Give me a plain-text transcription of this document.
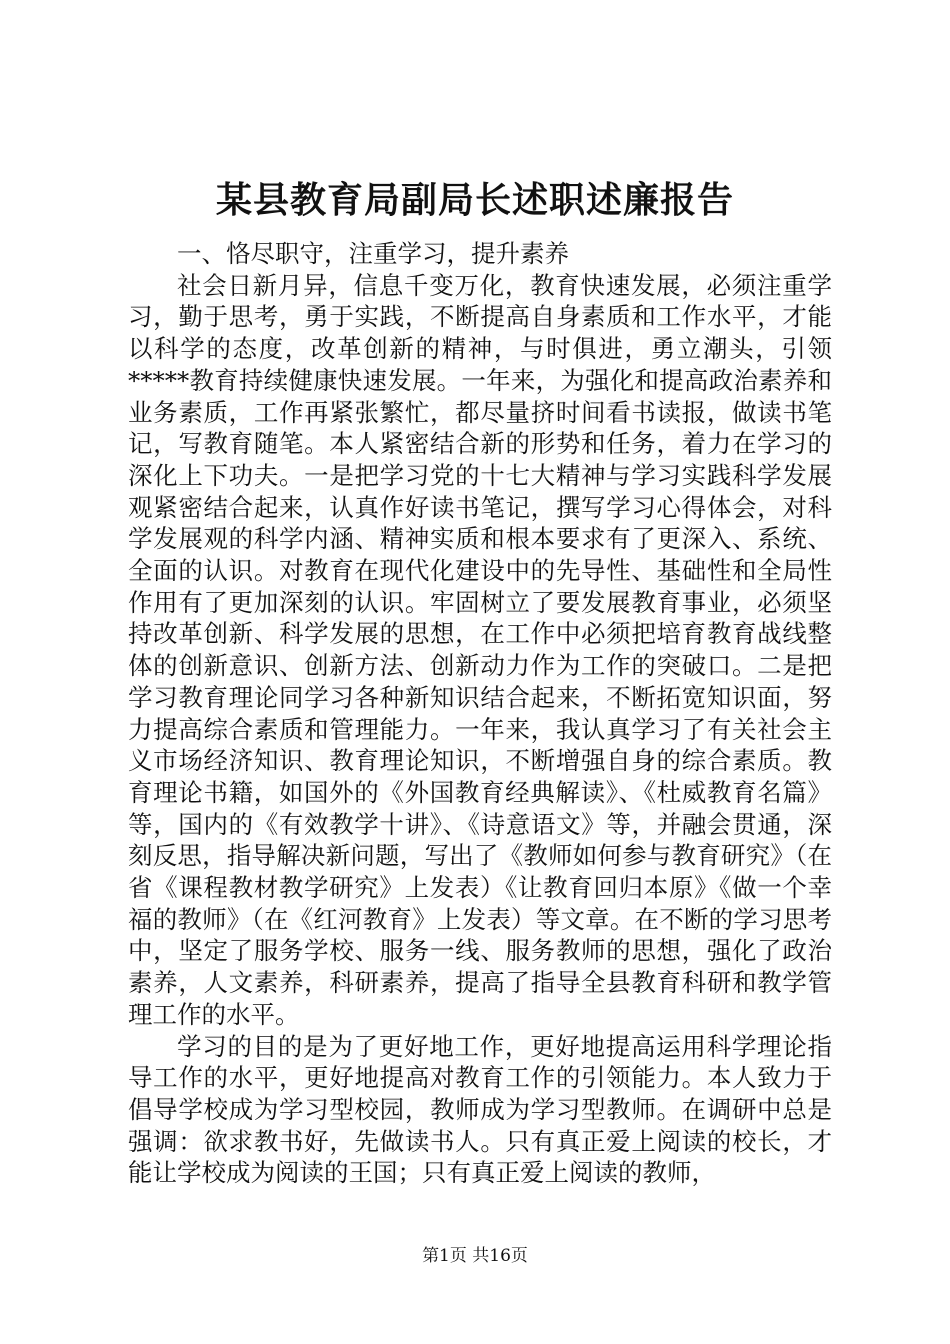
某县教育局副局长述职述廉报告

一、恪尽职守，注重学习，提升素养

社会日新月异，信息千变万化，教育快速发展，必须注重学习，勤于思考，勇于实践，不断提高自身素质和工作水平，才能以科学的态度，改革创新的精神，与时俱进，勇立潮头，引领*****教育持续健康快速发展。一年来，为强化和提高政治素养和业务素质，工作再紧张繁忙，都尽量挤时间看书读报，做读书笔记，写教育随笔。本人紧密结合新的形势和任务，着力在学习的深化上下功夫。一是把学习党的十七大精神与学习实践科学发展观紧密结合起来，认真作好读书笔记，撰写学习心得体会，对科学发展观的科学内涵、精神实质和根本要求有了更深入、系统、全面的认识。对教育在现代化建设中的先导性、基础性和全局性作用有了更加深刻的认识。牢固树立了要发展教育事业，必须坚持改革创新、科学发展的思想，在工作中必须把培育教育战线整体的创新意识、创新方法、创新动力作为工作的突破口。二是把学习教育理论同学习各种新知识结合起来，不断拓宽知识面，努力提高综合素质和管理能力。一年来，我认真学习了有关社会主义市场经济知识、教育理论知识，不断增强自身的综合素质。教育理论书籍，如国外的《外国教育经典解读》、《杜威教育名篇》等，国内的《有效教学十讲》、《诗意语文》等，并融会贯通，深刻反思，指导解决新问题，写出了《教师如何参与教育研究》（在省《课程教材教学研究》上发表）《让教育回归本原》《做一个幸福的教师》（在《红河教育》上发表）等文章。在不断的学习思考中，坚定了服务学校、服务一线、服务教师的思想，强化了政治素养，人文素养，科研素养，提高了指导全县教育科研和教学管理工作的水平。

学习的目的是为了更好地工作，更好地提高运用科学理论指导工作的水平，更好地提高对教育工作的引领能力。本人致力于倡导学校成为学习型校园，教师成为学习型教师。在调研中总是强调：欲求教书好，先做读书人。只有真正爱上阅读的校长，才能让学校成为阅读的王国；只有真正爱上阅读的教师，

第1页 共16页
